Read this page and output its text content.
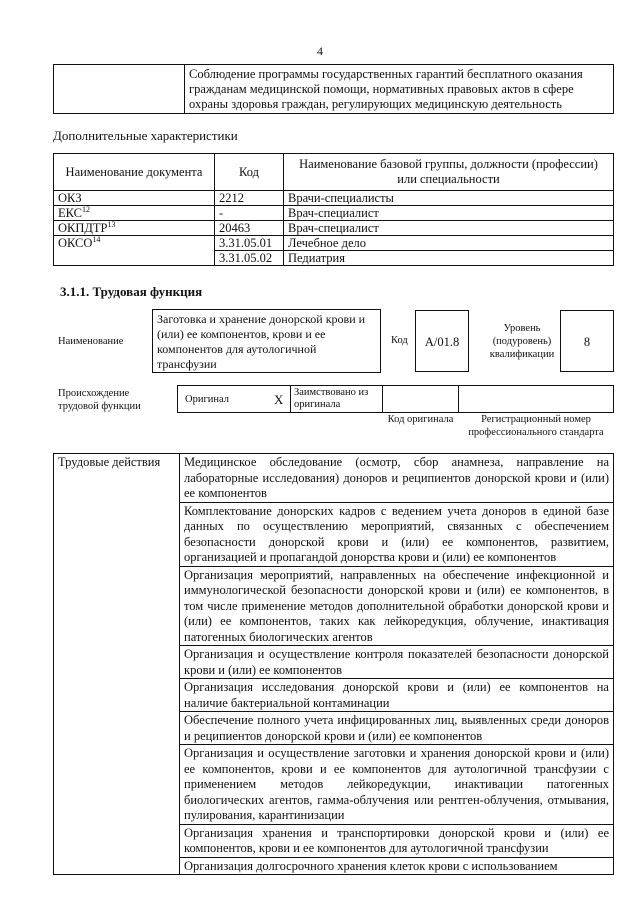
4
	Соблюдение программы государственных гарантий бесплатного оказания гражданам медицинской помощи, нормативных правовых актов в сфере охраны здоровья граждан, регулирующих медицинскую деятельность
Дополнительные характеристики
Наименование документа	Код	Наименование базовой группы, должности (профессии) или специальности
ОКЗ	2212	Врачи-специалисты
ЕКС$^{12}$	-	Врач-специалист
ОКПДТР$^{13}$	20463	Врач-специалист
ОКСО$^{14}$	3.31.05.01	Лечебное дело
	3.31.05.02	Педиатрия
3.1.1. Трудовая функция
Наименование
Заготовка и хранение донорской крови и (или) ее компонентов, крови и ее компонентов для аутологичной трансфузии
Код	A/01.8
Уровень (подуровень) квалификации
8
Происхождение трудовой функции
Оригинал	X	Заимствовано из оригинала
Код оригинала	Регистрационный номер профессионального стандарта
Трудовые действия	Медицинское обследование (осмотр, сбор анамнеза, направление на лабораторные исследования) доноров и реципиентов донорской крови и (или) ее компонентов
Комплектование донорских кадров с ведением учета доноров в единой базе данных по осуществлению мероприятий, связанных с обеспечением безопасности донорской крови и (или) ее компонентов, развитием, организацией и пропагандой донорства крови и (или) ее компонентов
Организация мероприятий, направленных на обеспечение инфекционной и иммунологической безопасности донорской крови и (или) ее компонентов, в том числе применение методов дополнительной обработки донорской крови и (или) ее компонентов, таких как лейкоредукция, облучение, инактивация патогенных биологических агентов
Организация и осуществление контроля показателей безопасности донорской крови и (или) ее компонентов
Организация исследования донорской крови и (или) ее компонентов на наличие бактериальной контаминации
Обеспечение полного учета инфицированных лиц, выявленных среди доноров и реципиентов донорской крови и (или) ее компонентов
Организация и осуществление заготовки и хранения донорской крови и (или) ее компонентов, крови и ее компонентов для аутологичной трансфузии с применением методов лейкоредукции, инактивации патогенных биологических агентов, гамма-облучения или рентген-облучения, отмывания, пулирования, карантинизации
Организация хранения и транспортировки донорской крови и (или) ее компонентов, крови и ее компонентов для аутологичной трансфузии
Организация долгосрочного хранения клеток крови с использованием
